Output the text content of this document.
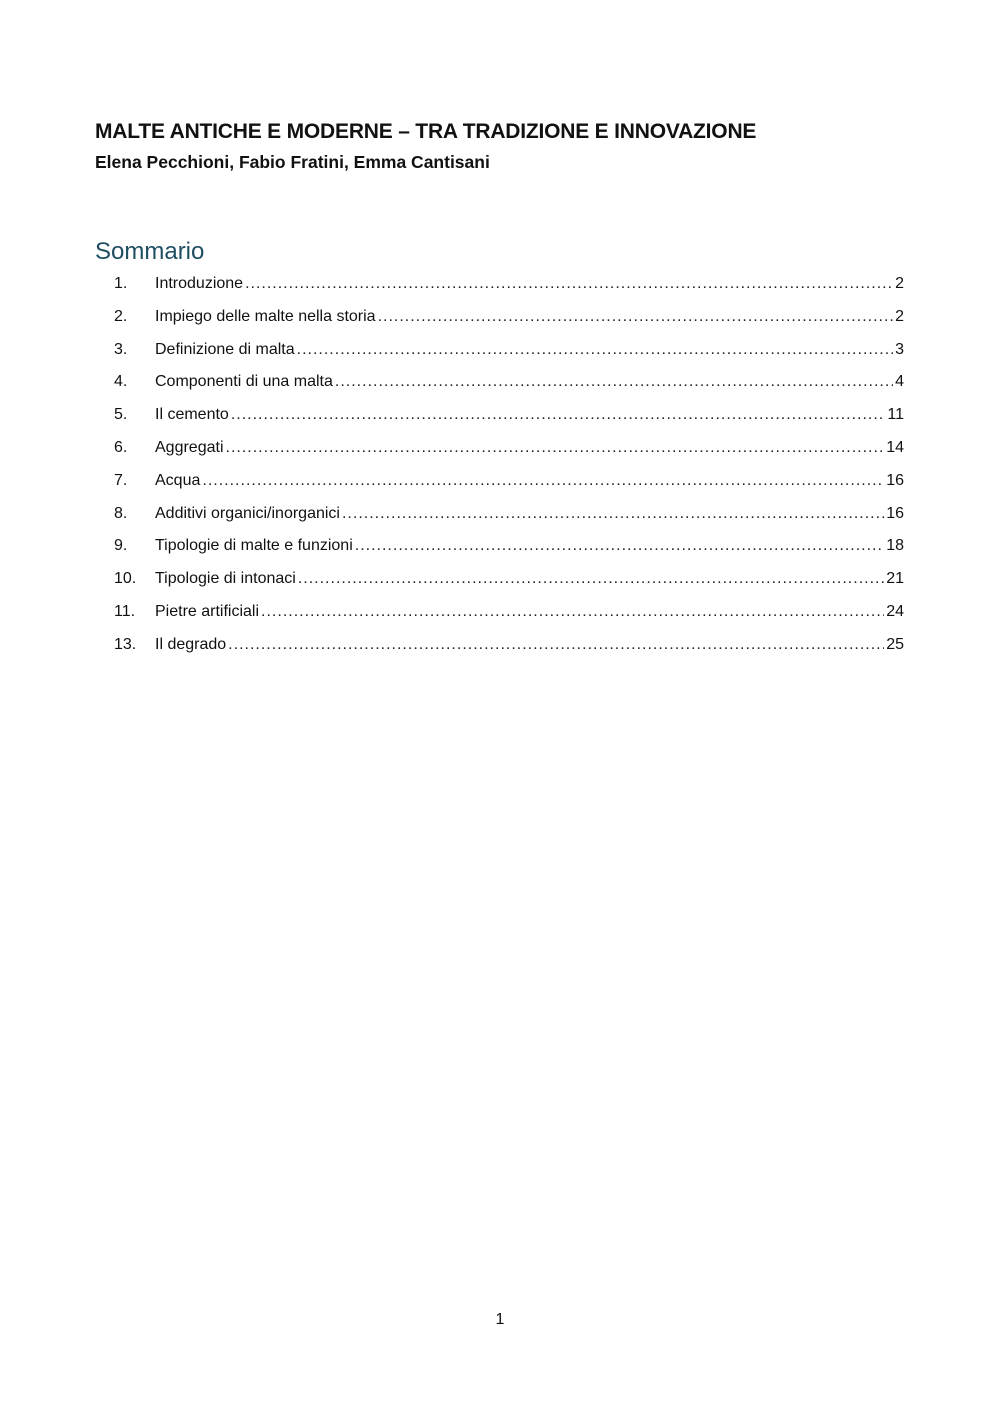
MALTE ANTICHE E MODERNE – TRA TRADIZIONE E INNOVAZIONE
Elena Pecchioni, Fabio Fratini, Emma Cantisani
Sommario
1.	Introduzione .....	2
2.	Impiego delle malte nella storia .....	2
3.	Definizione di malta .....	3
4.	Componenti di una malta .....	4
5.	Il cemento .....	11
6.	Aggregati .....	14
7.	Acqua .....	16
8.	Additivi organici/inorganici .....	16
9.	Tipologie di malte e funzioni .....	18
10.	Tipologie di intonaci .....	21
11.	Pietre artificiali .....	24
13.	Il degrado .....	25
1
